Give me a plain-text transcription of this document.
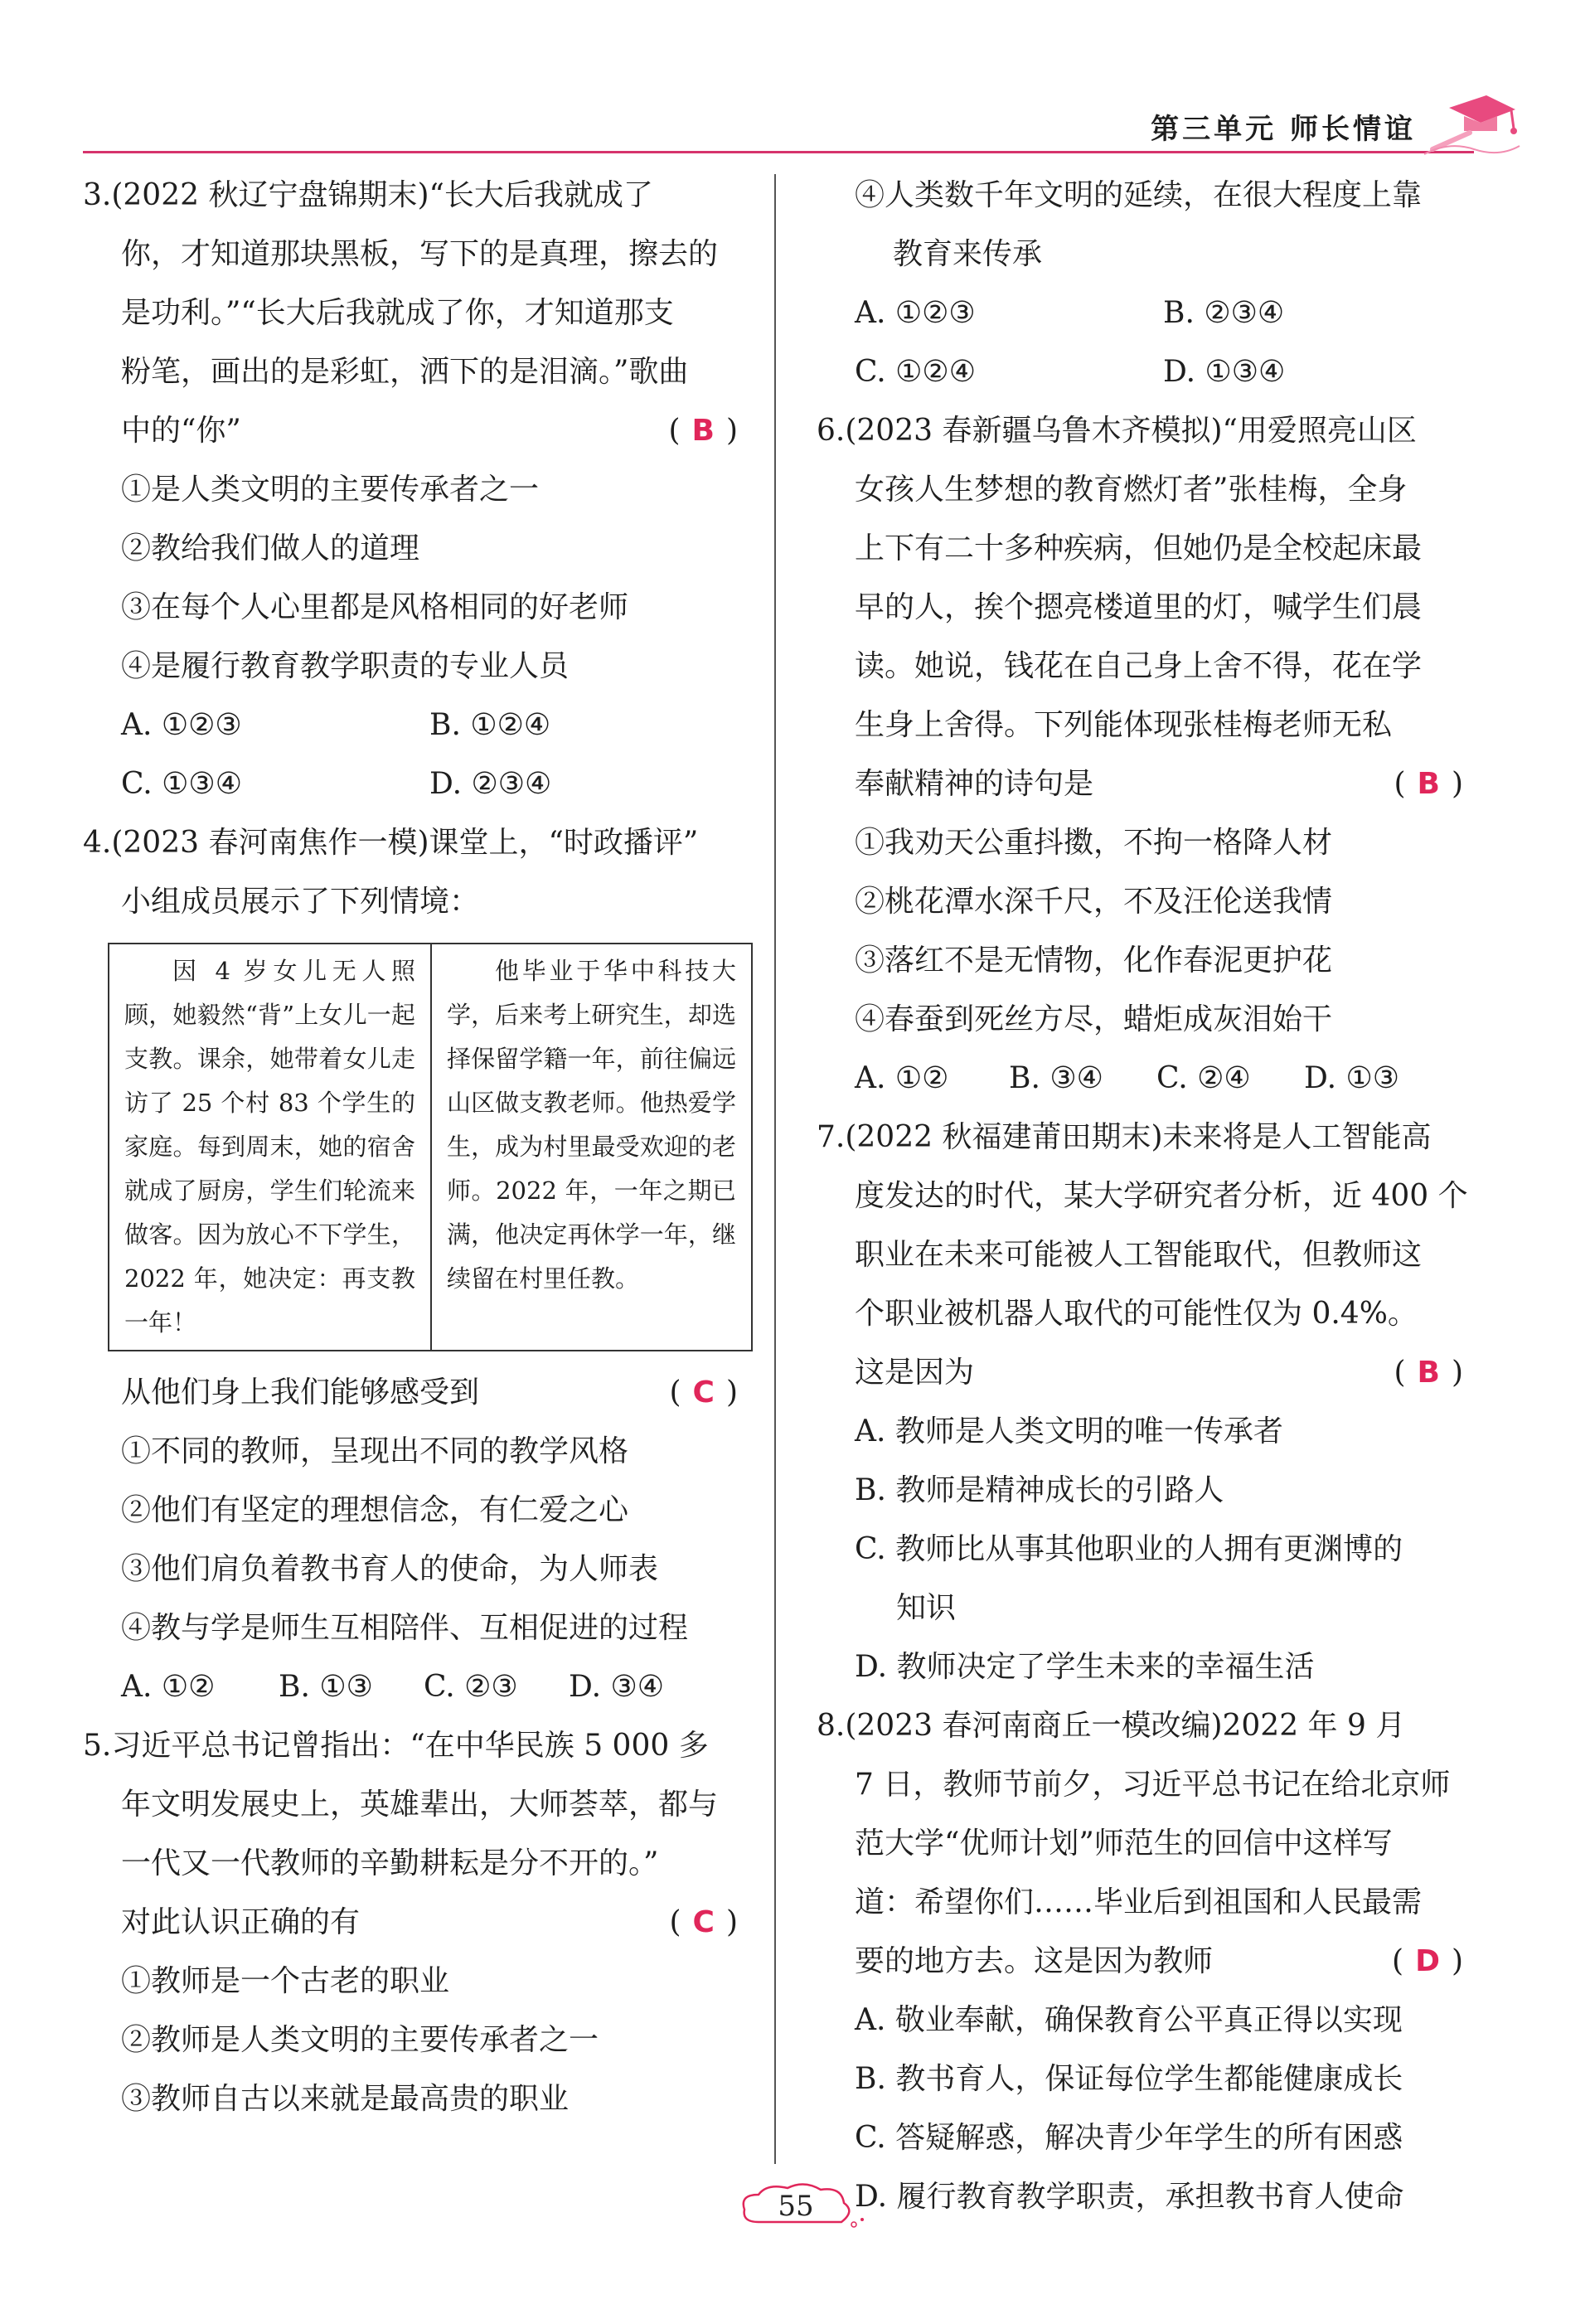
第三单元 师长情谊
3.(2022 秋辽宁盘锦期末)“长大后我就成了
你，才知道那块黑板，写下的是真理，擦去的
是功利。”“长大后我就成了你，才知道那支
粉笔，画出的是彩虹，洒下的是泪滴。”歌曲
中的“你”	( B )
①是人类文明的主要传承者之一
②教给我们做人的道理
③在每个人心里都是风格相同的好老师
④是履行教育教学职责的专业人员
A. ①②③	B. ①②④
C. ①③④	D. ②③④
4.(2023 春河南焦作一模)课堂上，“时政播评”
小组成员展示了下列情境：

因 4 岁女儿无人照顾，她毅然“背”上女儿一起支教。课余，她带着女儿走访了 25 个村 83 个学生的家庭。每到周末，她的宿舍就成了厨房，学生们轮流来做客。因为放心不下学生，2022 年，她决定：再支教一年！

他毕业于华中科技大学，后来考上研究生，却选择保留学籍一年，前往偏远山区做支教老师。他热爱学生，成为村里最受欢迎的老师。2022 年，一年之期已满，他决定再休学一年，继续留在村里任教。

从他们身上我们能够感受到	( C )
①不同的教师，呈现出不同的教学风格
②他们有坚定的理想信念，有仁爱之心
③他们肩负着教书育人的使命，为人师表
④教与学是师生互相陪伴、互相促进的过程
A. ①②	B. ①③	C. ②③	D. ③④
5.习近平总书记曾指出：“在中华民族 5 000 多
年文明发展史上，英雄辈出，大师荟萃，都与
一代又一代教师的辛勤耕耘是分不开的。”
对此认识正确的有	( C )
①教师是一个古老的职业
②教师是人类文明的主要传承者之一
③教师自古以来就是最高贵的职业
④人类数千年文明的延续，在很大程度上靠
教育来传承
A. ①②③	B. ②③④
C. ①②④	D. ①③④
6.(2023 春新疆乌鲁木齐模拟)“用爱照亮山区
女孩人生梦想的教育燃灯者”张桂梅，全身
上下有二十多种疾病，但她仍是全校起床最
早的人，挨个摁亮楼道里的灯，喊学生们晨
读。她说，钱花在自己身上舍不得，花在学
生身上舍得。下列能体现张桂梅老师无私
奉献精神的诗句是	( B )
①我劝天公重抖擞，不拘一格降人材
②桃花潭水深千尺，不及汪伦送我情
③落红不是无情物，化作春泥更护花
④春蚕到死丝方尽，蜡炬成灰泪始干
A. ①②	B. ③④	C. ②④	D. ①③
7.(2022 秋福建莆田期末)未来将是人工智能高
度发达的时代，某大学研究者分析，近 400 个
职业在未来可能被人工智能取代，但教师这
个职业被机器人取代的可能性仅为 0.4%。
这是因为	( B )
A. 教师是人类文明的唯一传承者
B. 教师是精神成长的引路人
C. 教师比从事其他职业的人拥有更渊博的
知识
D. 教师决定了学生未来的幸福生活
8.(2023 春河南商丘一模改编)2022 年 9 月
7 日，教师节前夕，习近平总书记在给北京师
范大学“优师计划”师范生的回信中这样写
道：希望你们……毕业后到祖国和人民最需
要的地方去。这是因为教师	( D )
A. 敬业奉献，确保教育公平真正得以实现
B. 教书育人，保证每位学生都能健康成长
C. 答疑解惑，解决青少年学生的所有困惑
D. 履行教育教学职责，承担教书育人使命
55
